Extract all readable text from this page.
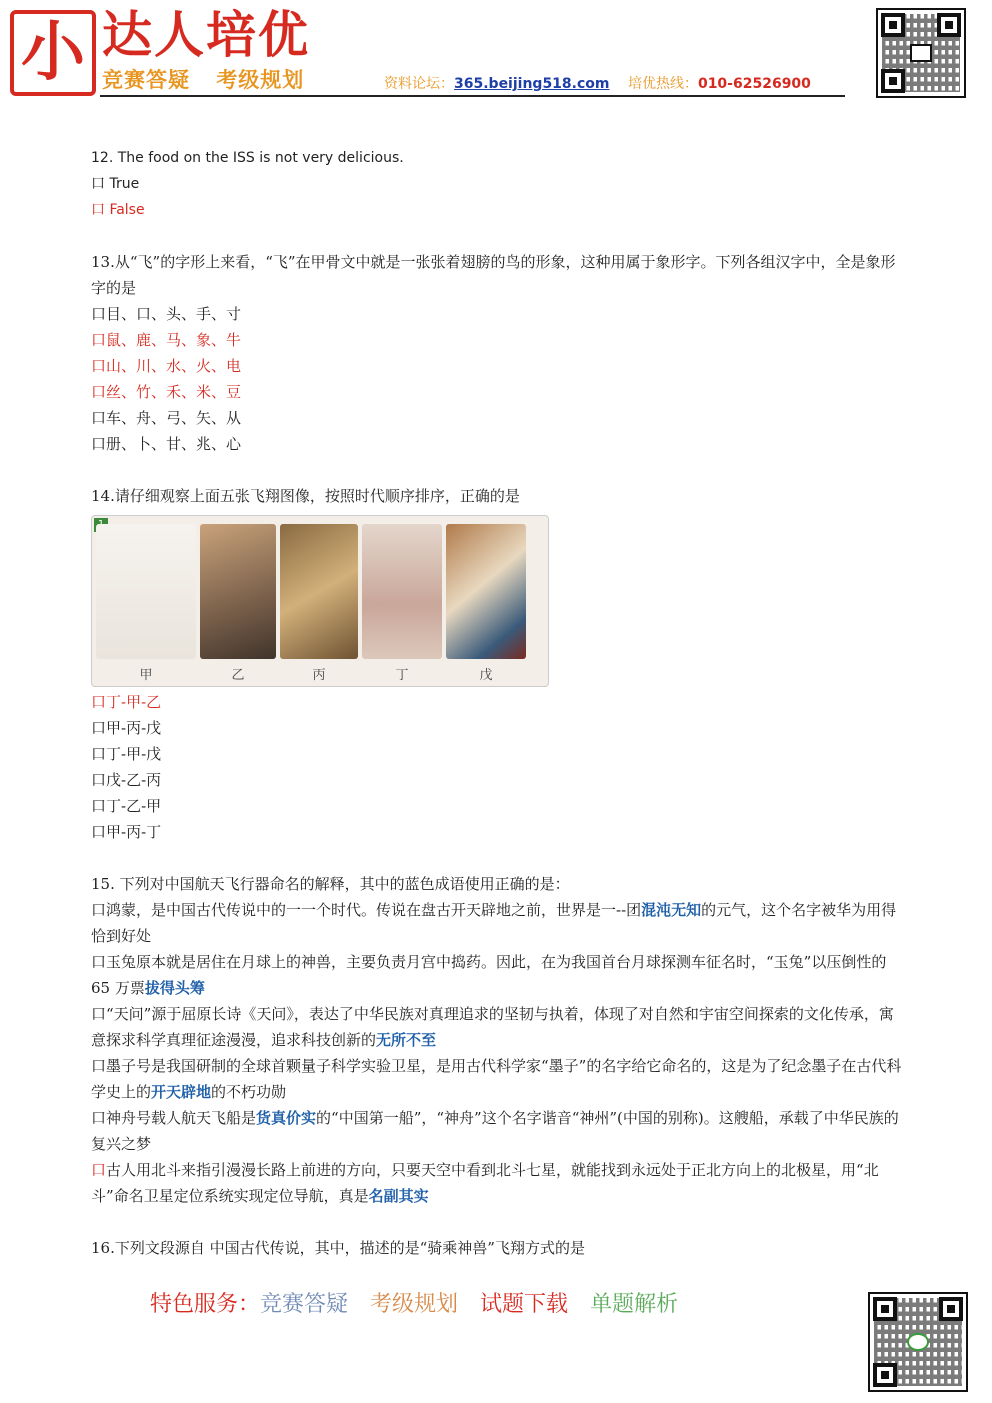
小 达人培优
竞赛答疑 考级规划	资料论坛：365.beijing518.com 培优热线：010-62526900
12. The food on the ISS is not very delicious.
口 True
口 False
13.从“飞”的字形上来看，“飞”在甲骨文中就是一张张着翅膀的鸟的形象，这种用属于象形字。下列各组汉字中，全是象形字的是
口目、口、头、手、寸
口鼠、鹿、马、象、牛
口山、川、水、火、电
口丝、竹、禾、米、豆
口车、舟、弓、矢、从
口册、卜、甘、兆、心
14.请仔细观察上面五张飞翔图像，按照时代顺序排序，正确的是
甲	乙	丙	丁	戊
口丁-甲-乙
口甲-丙-戊
口丁-甲-戊
口戊-乙-丙
口丁-乙-甲
口甲-丙-丁
15. 下列对中国航天飞行器命名的解释，其中的蓝色成语使用正确的是：
口鸿蒙，是中国古代传说中的一一个时代。传说在盘古开天辟地之前，世界是一--团混沌无知的元气，这个名字被华为用得恰到好处
口玉兔原本就是居住在月球上的神兽，主要负责月宫中捣药。因此，在为我国首台月球探测车征名时，“玉兔”以压倒性的 65 万票拔得头筹
口“天问”源于屈原长诗《天问》，表达了中华民族对真理追求的坚韧与执着，体现了对自然和宇宙空间探索的文化传承，寓意探求科学真理征途漫漫，追求科技创新的无所不至
口墨子号是我国研制的全球首颗量子科学实验卫星，是用古代科学家“墨子”的名字给它命名的，这是为了纪念墨子在古代科学史上的开天辟地的不朽功勋
口神舟号载人航天飞船是货真价实的“中国第一船”，“神舟”这个名字谐音“神州”(中国的别称)。这艘船，承载了中华民族的复兴之梦
口古人用北斗来指引漫漫长路上前进的方向，只要天空中看到北斗七星，就能找到永远处于正北方向上的北极星，用“北斗”命名卫星定位系统实现定位导航，真是名副其实
16.下列文段源自 中国古代传说，其中，描述的是“骑乘神兽”飞翔方式的是
特色服务：竞赛答疑 考级规划 试题下载 单题解析
